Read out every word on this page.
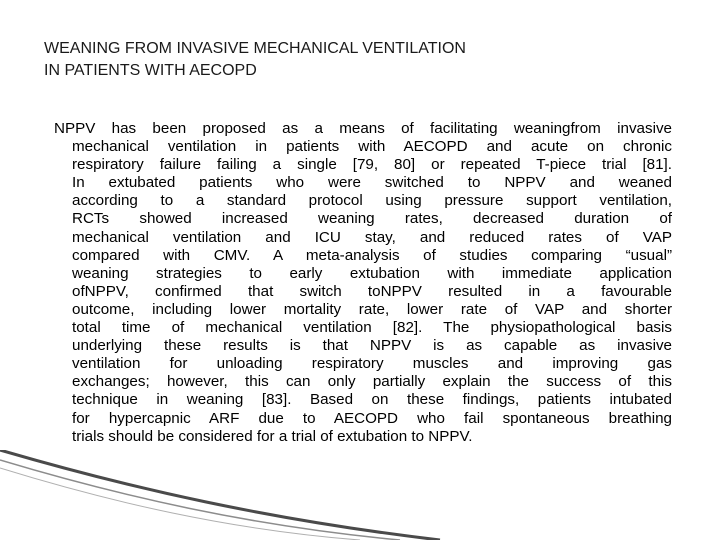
WEANING FROM INVASIVE MECHANICAL VENTILATION
IN PATIENTS WITH AECOPD
NPPV has been proposed as a means of facilitating weaningfrom invasive
mechanical ventilation in patients with AECOPD and acute on chronic
respiratory failure failing a single [79, 80] or repeated T-piece trial [81].
In extubated patients who were switched to NPPV and weaned
according to a standard protocol using pressure support ventilation,
RCTs showed increased weaning rates, decreased duration of
mechanical ventilation and ICU stay, and reduced rates of VAP
compared with CMV. A meta-analysis of studies comparing “usual”
weaning strategies to early extubation with immediate application
ofNPPV, confirmed that switch toNPPV resulted in a favourable
outcome, including lower mortality rate, lower rate of VAP and shorter
total time of mechanical ventilation [82]. The physiopathological basis
underlying these results is that NPPV is as capable as invasive
ventilation for unloading respiratory muscles and improving gas
exchanges; however, this can only partially explain the success of this
technique in weaning [83]. Based on these findings, patients intubated
for hypercapnic ARF due to AECOPD who fail spontaneous breathing
trials should be considered for a trial of extubation to NPPV.
